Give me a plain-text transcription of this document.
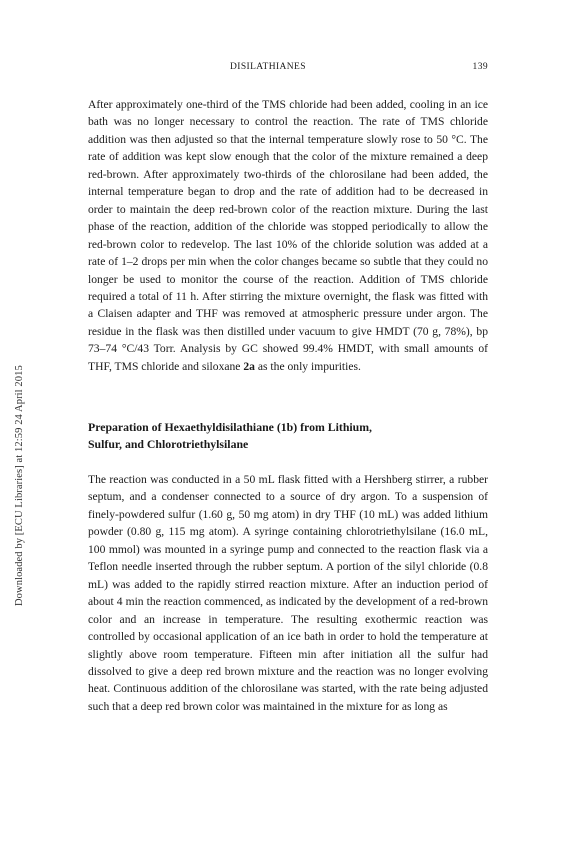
DISILATHIANES	139
Downloaded by [ECU Libraries] at 12:59 24 April 2015

After approximately one-third of the TMS chloride had been added, cooling in an ice bath was no longer necessary to control the reaction. The rate of TMS chloride addition was then adjusted so that the internal temperature slowly rose to 50 °C. The rate of addition was kept slow enough that the color of the mixture remained a deep red-brown. After approximately two-thirds of the chlorosilane had been added, the internal temperature began to drop and the rate of addition had to be decreased in order to maintain the deep red-brown color of the reaction mixture. During the last phase of the reaction, addition of the chloride was stopped periodically to allow the red-brown color to redevelop. The last 10% of the chloride solution was added at a rate of 1–2 drops per min when the color changes became so subtle that they could no longer be used to monitor the course of the reaction. Addition of TMS chloride required a total of 11 h. After stirring the mixture overnight, the flask was fitted with a Claisen adapter and THF was removed at atmospheric pressure under argon. The residue in the flask was then distilled under vacuum to give HMDT (70 g, 78%), bp 73–74 °C/43 Torr. Analysis by GC showed 99.4% HMDT, with small amounts of THF, TMS chloride and siloxane 2a as the only impurities.

Preparation of Hexaethyldisilathiane (1b) from Lithium,
Sulfur, and Chlorotriethylsilane

The reaction was conducted in a 50 mL flask fitted with a Hershberg stirrer, a rubber septum, and a condenser connected to a source of dry argon. To a suspension of finely-powdered sulfur (1.60 g, 50 mg atom) in dry THF (10 mL) was added lithium powder (0.80 g, 115 mg atom). A syringe containing chlorotriethylsilane (16.0 mL, 100 mmol) was mounted in a syringe pump and connected to the reaction flask via a Teflon needle inserted through the rubber septum. A portion of the silyl chloride (0.8 mL) was added to the rapidly stirred reaction mixture. After an induction period of about 4 min the reaction commenced, as indicated by the development of a red-brown color and an increase in temperature. The resulting exothermic reaction was controlled by occasional application of an ice bath in order to hold the temperature at slightly above room temperature. Fifteen min after initiation all the sulfur had dissolved to give a deep red brown mixture and the reaction was no longer evolving heat. Continuous addition of the chlorosilane was started, with the rate being adjusted such that a deep red brown color was maintained in the mixture for as long as
